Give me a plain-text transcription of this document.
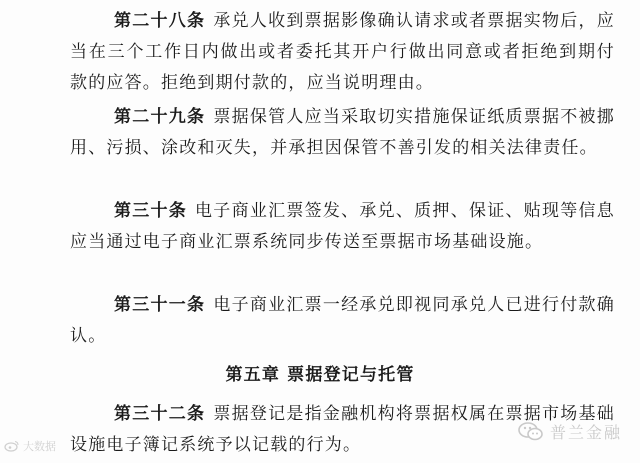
第二十八条 承兑人收到票据影像确认请求或者票据实物后，应当在三个工作日内做出或者委托其开户行做出同意或者拒绝到期付款的应答。拒绝到期付款的，应当说明理由。

第二十九条 票据保管人应当采取切实措施保证纸质票据不被挪用、污损、涂改和灭失，并承担因保管不善引发的相关法律责任。

第三十条 电子商业汇票签发、承兑、质押、保证、贴现等信息应当通过电子商业汇票系统同步传送至票据市场基础设施。

第三十一条 电子商业汇票一经承兑即视同承兑人已进行付款确认。

第五章 票据登记与托管

第三十二条 票据登记是指金融机构将票据权属在票据市场基础设施电子簿记系统予以记载的行为。

大数据
普兰金融
